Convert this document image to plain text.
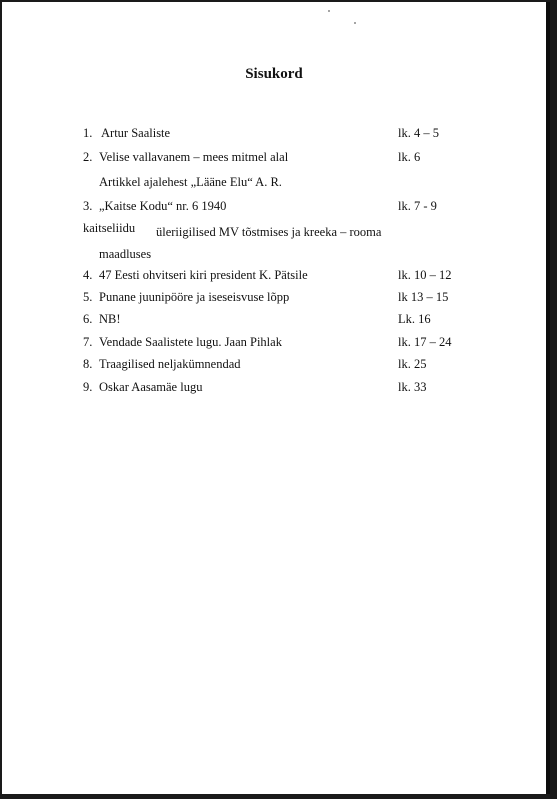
Sisukord
1. Artur Saaliste	lk. 4 – 5
2. Velise vallavanem – mees mitmel alal	lk. 6
Artikkel ajalehest „Lääne Elu“ A. R.
3. „Kaitse Kodu“ nr. 6 1940	lk. 7 - 9
kaitseliidu üleriigilised MV tõstmises ja kreeka – rooma
maadluses
4. 47 Eesti ohvitseri kiri president K. Pätsile	lk. 10 – 12
5. Punane juunipööre ja iseseisvuse lõpp	lk 13 – 15
6. NB!	Lk. 16
7. Vendade Saalistete lugu. Jaan Pihlak	lk. 17 – 24
8. Traagilised neljakümnendad	lk. 25
9. Oskar Aasamäe lugu	lk. 33
